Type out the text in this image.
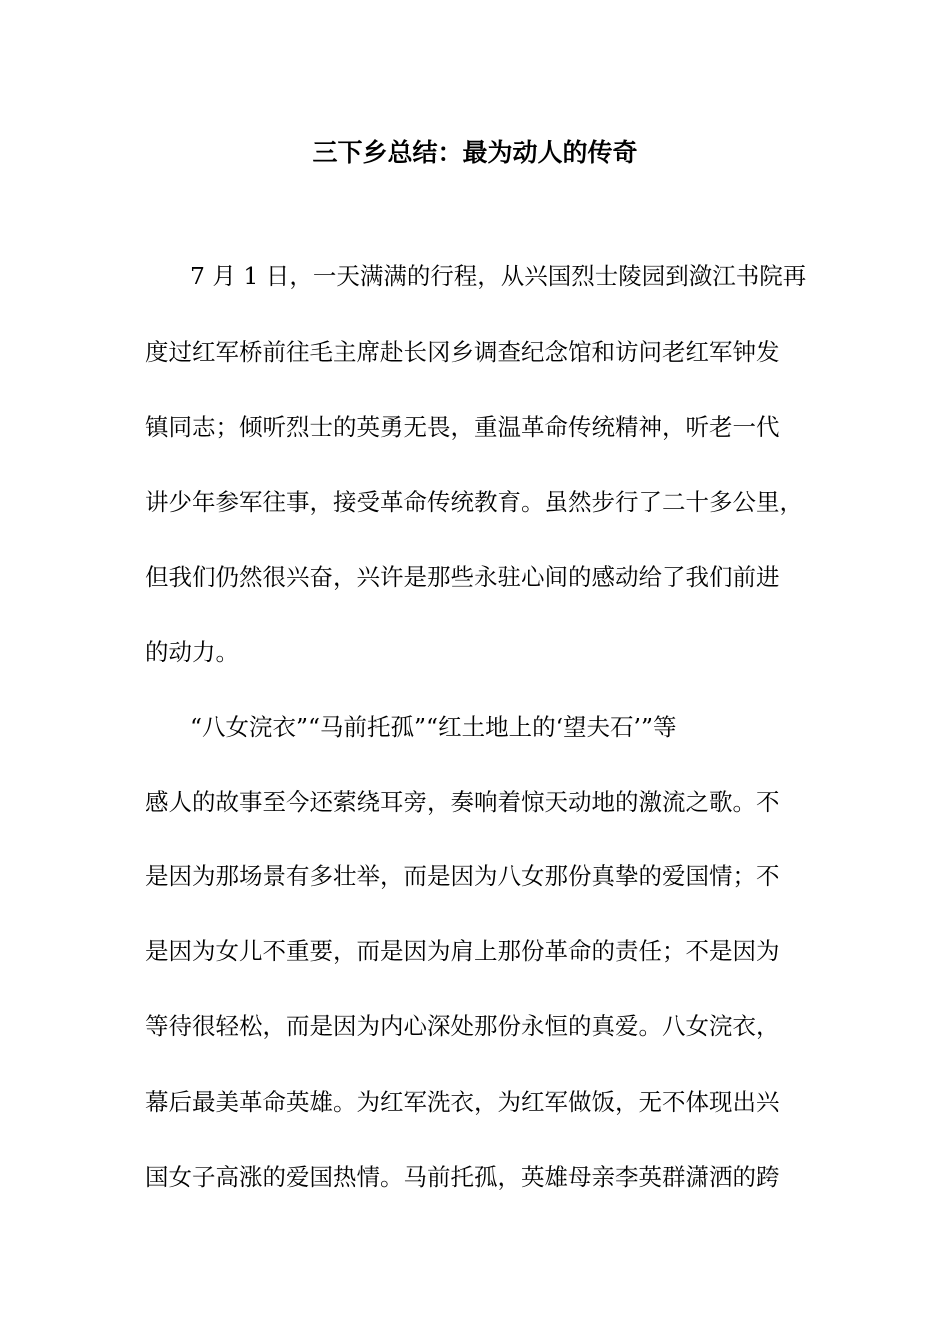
三下乡总结：最为动人的传奇
7 月 1 日，一天满满的行程，从兴国烈士陵园到潋江书院再
度过红军桥前往毛主席赴长冈乡调查纪念馆和访问老红军钟发
镇同志；倾听烈士的英勇无畏，重温革命传统精神，听老一代
讲少年参军往事，接受革命传统教育。虽然步行了二十多公里，
但我们仍然很兴奋，兴许是那些永驻心间的感动给了我们前进
的动力。
“八女浣衣”“马前托孤”“红土地上的‘望夫石’”等
感人的故事至今还萦绕耳旁，奏响着惊天动地的激流之歌。不
是因为那场景有多壮举，而是因为八女那份真挚的爱国情；不
是因为女儿不重要，而是因为肩上那份革命的责任；不是因为
等待很轻松，而是因为内心深处那份永恒的真爱。八女浣衣，
幕后最美革命英雄。为红军洗衣，为红军做饭，无不体现出兴
国女子高涨的爱国热情。马前托孤，英雄母亲李英群潇洒的跨
